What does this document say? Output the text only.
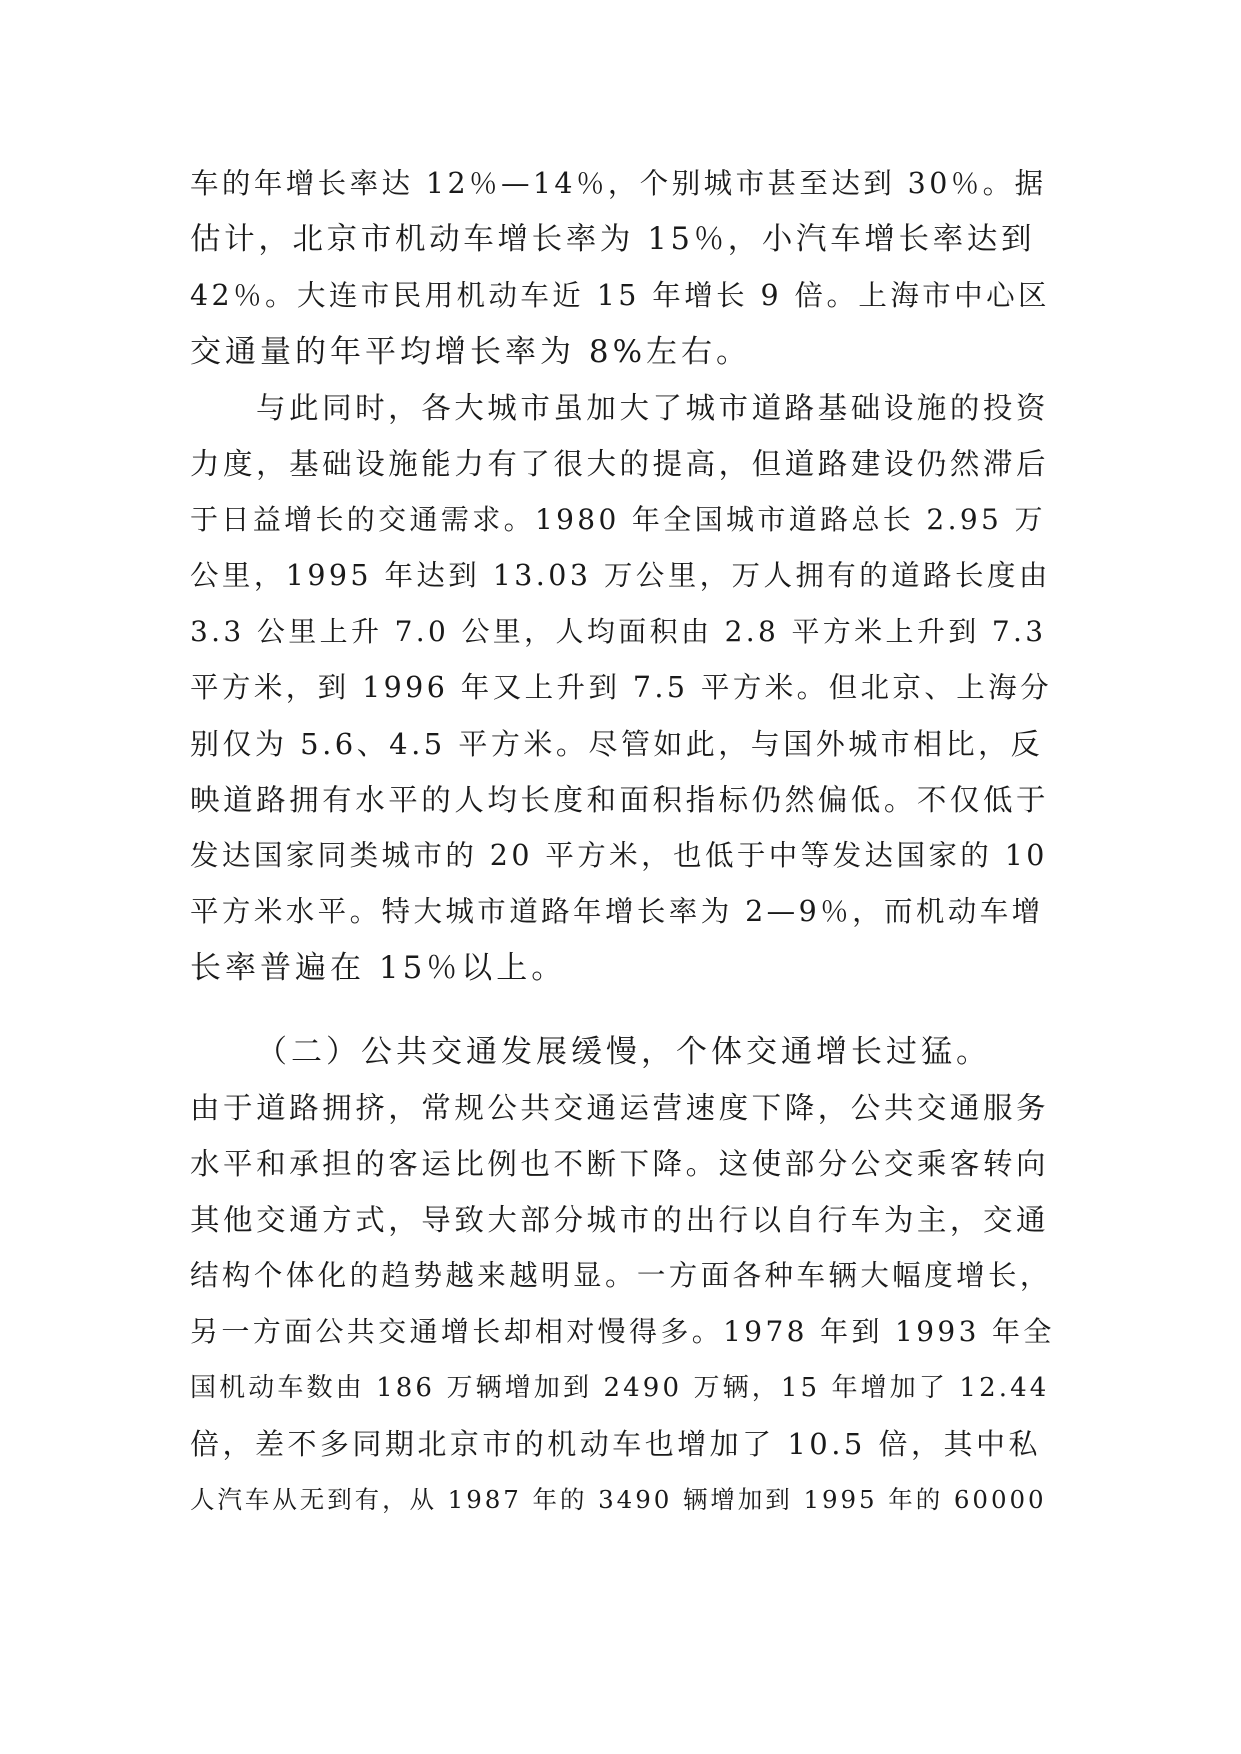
车的年增长率达 12％—14％，个别城市甚至达到 30％。据
估计，北京市机动车增长率为 15％，小汽车增长率达到
42％。大连市民用机动车近 15 年增长 9 倍。上海市中心区
交通量的年平均增长率为 8%左右。
与此同时，各大城市虽加大了城市道路基础设施的投资
力度，基础设施能力有了很大的提高，但道路建设仍然滞后
于日益增长的交通需求。1980 年全国城市道路总长 2.95 万
公里，1995 年达到 13.03 万公里，万人拥有的道路长度由
3.3 公里上升 7.0 公里，人均面积由 2.8 平方米上升到 7.3
平方米，到 1996 年又上升到 7.5 平方米。但北京、上海分
别仅为 5.6、4.5 平方米。尽管如此，与国外城市相比，反
映道路拥有水平的人均长度和面积指标仍然偏低。不仅低于
发达国家同类城市的 20 平方米，也低于中等发达国家的 10
平方米水平。特大城市道路年增长率为 2—9％，而机动车增
长率普遍在 15％以上。
（二）公共交通发展缓慢，个体交通增长过猛。
由于道路拥挤，常规公共交通运营速度下降，公共交通服务
水平和承担的客运比例也不断下降。这使部分公交乘客转向
其他交通方式，导致大部分城市的出行以自行车为主，交通
结构个体化的趋势越来越明显。一方面各种车辆大幅度增长，
另一方面公共交通增长却相对慢得多。1978 年到 1993 年全
国机动车数由 186 万辆增加到 2490 万辆，15 年增加了 12.44
倍，差不多同期北京市的机动车也增加了 10.5 倍，其中私
人汽车从无到有，从 1987 年的 3490 辆增加到 1995 年的 60000
